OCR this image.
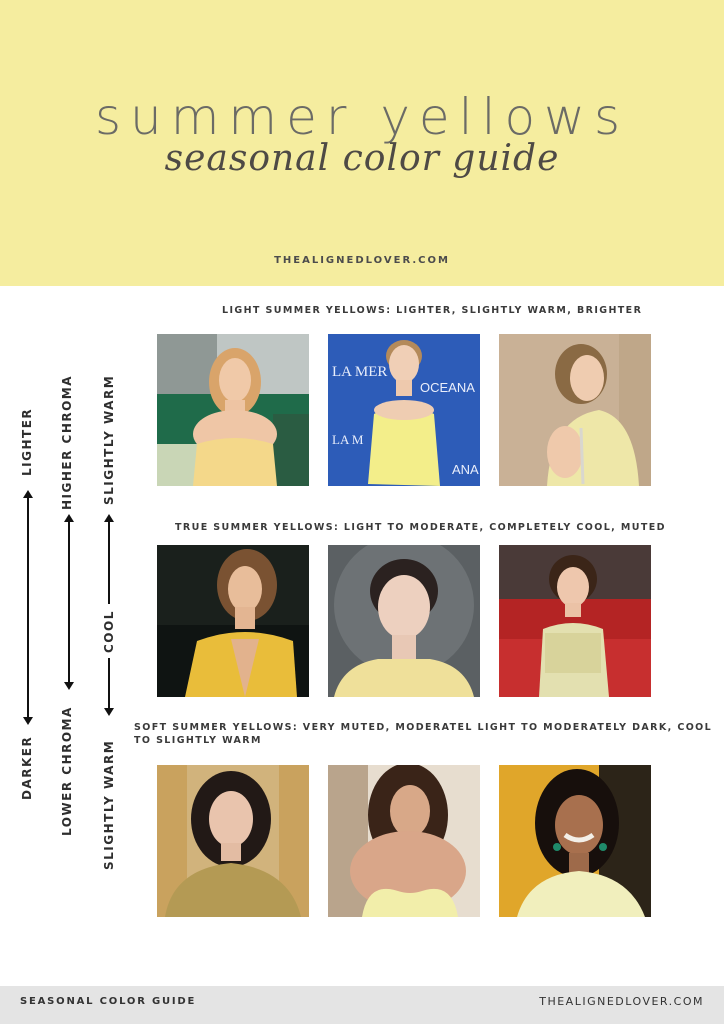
summer yellows
seasonal color guide
THEALIGNEDLOVER.COM
LIGHT SUMMER YELLOWS: LIGHTER, SLIGHTLY WARM, BRIGHTER
TRUE SUMMER YELLOWS: LIGHT TO MODERATE, COMPLETELY COOL, MUTED
SOFT SUMMER YELLOWS: VERY MUTED, MODERATEL LIGHT TO MODERATELY DARK, COOL TO SLIGHTLY WARM
LIGHTER
DARKER
HIGHER CHROMA
LOWER CHROMA
SLIGHTLY WARM
COOL
SLIGHTLY WARM
LA MER
OCEANA
LA M
ANA
SEASONAL COLOR GUIDE	THEALIGNEDLOVER.COM
